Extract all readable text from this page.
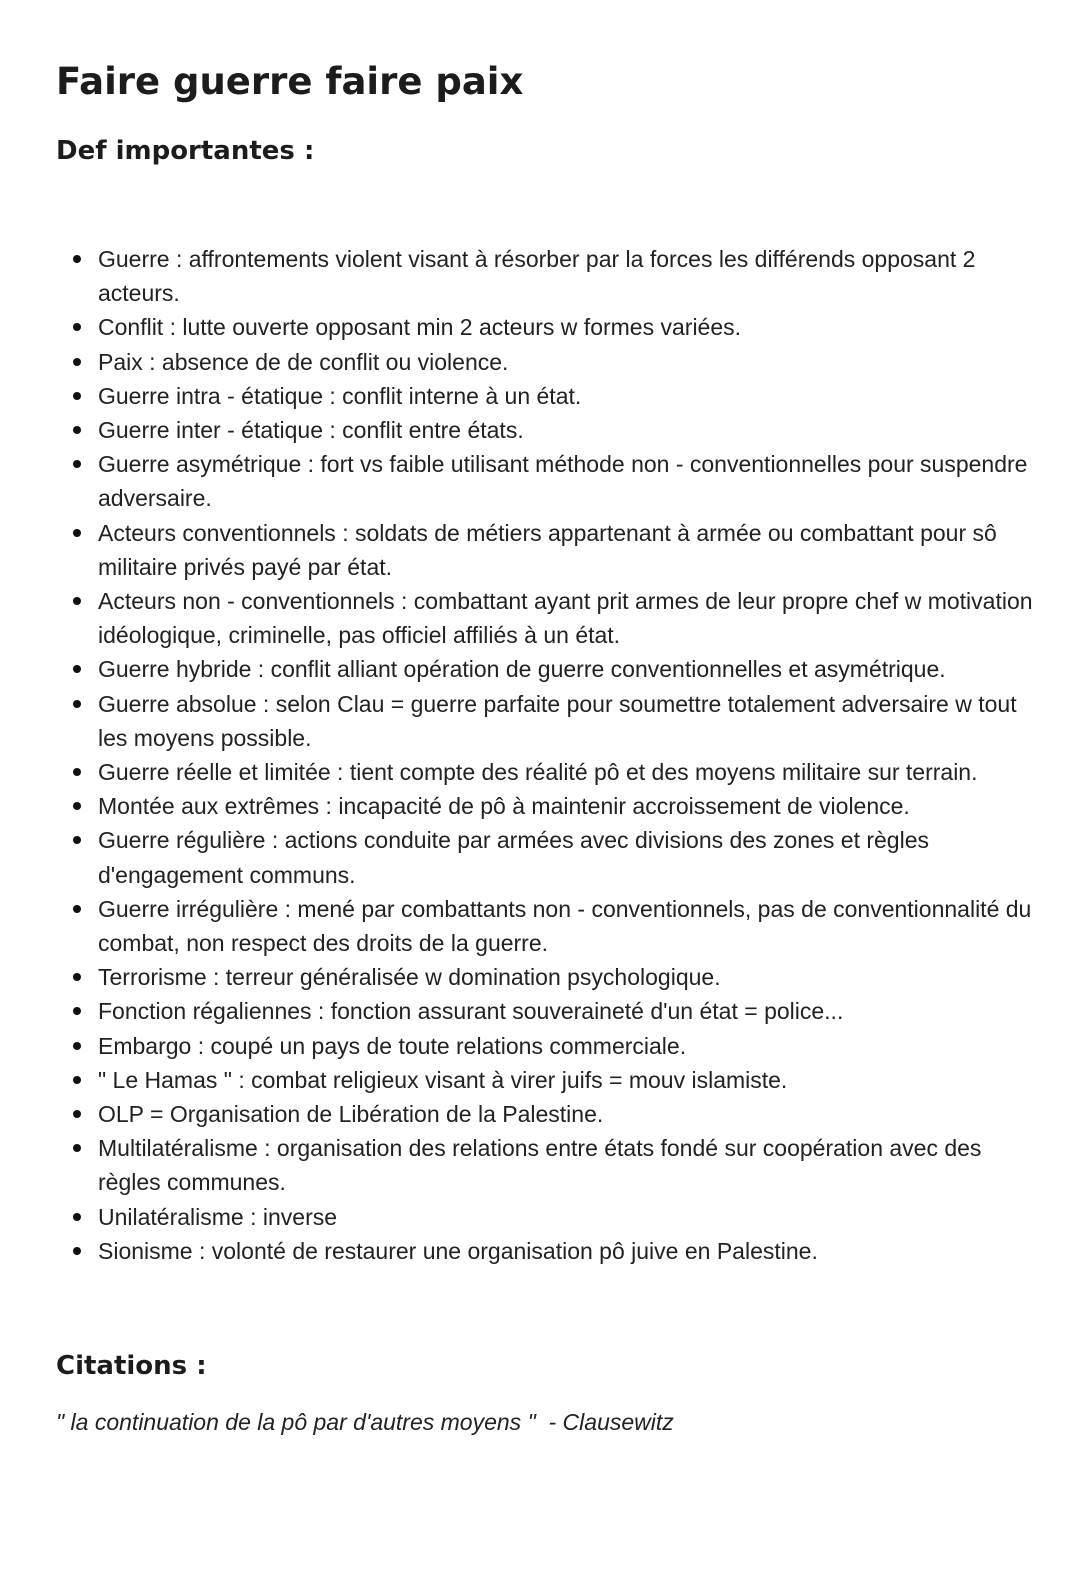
Faire guerre faire paix
Def importantes :
Guerre : affrontements violent visant à résorber par la forces les différends opposant 2 acteurs.
Conflit : lutte ouverte opposant min 2 acteurs w formes variées.
Paix : absence de de conflit ou violence.
Guerre intra - étatique : conflit interne à un état.
Guerre inter - étatique : conflit entre états.
Guerre asymétrique : fort vs faible utilisant méthode non - conventionnelles pour suspendre adversaire.
Acteurs conventionnels : soldats de métiers appartenant à armée ou combattant pour sô militaire privés payé par état.
Acteurs non - conventionnels : combattant ayant prit armes de leur propre chef w motivation idéologique, criminelle, pas officiel affiliés à un état.
Guerre hybride : conflit alliant opération de guerre conventionnelles et asymétrique.
Guerre absolue : selon Clau = guerre parfaite pour soumettre totalement adversaire w tout les moyens possible.
Guerre réelle et limitée : tient compte des réalité pô et des moyens militaire sur terrain.
Montée aux extrêmes : incapacité de pô à maintenir accroissement de violence.
Guerre régulière : actions conduite par armées avec divisions des zones et règles d'engagement communs.
Guerre irrégulière : mené par combattants non - conventionnels, pas de conventionnalité du combat, non respect des droits de la guerre.
Terrorisme : terreur généralisée w domination psychologique.
Fonction régaliennes : fonction assurant souveraineté d'un état = police...
Embargo : coupé un pays de toute relations commerciale.
" Le Hamas " : combat religieux visant à virer juifs = mouv islamiste.
OLP = Organisation de Libération de la Palestine.
Multilatéralisme : organisation des relations entre états fondé sur coopération avec des règles communes.
Unilatéralisme : inverse
Sionisme : volonté de restaurer une organisation pô juive en Palestine.
Citations :

" la continuation de la pô par d'autres moyens "  - Clausewitz
